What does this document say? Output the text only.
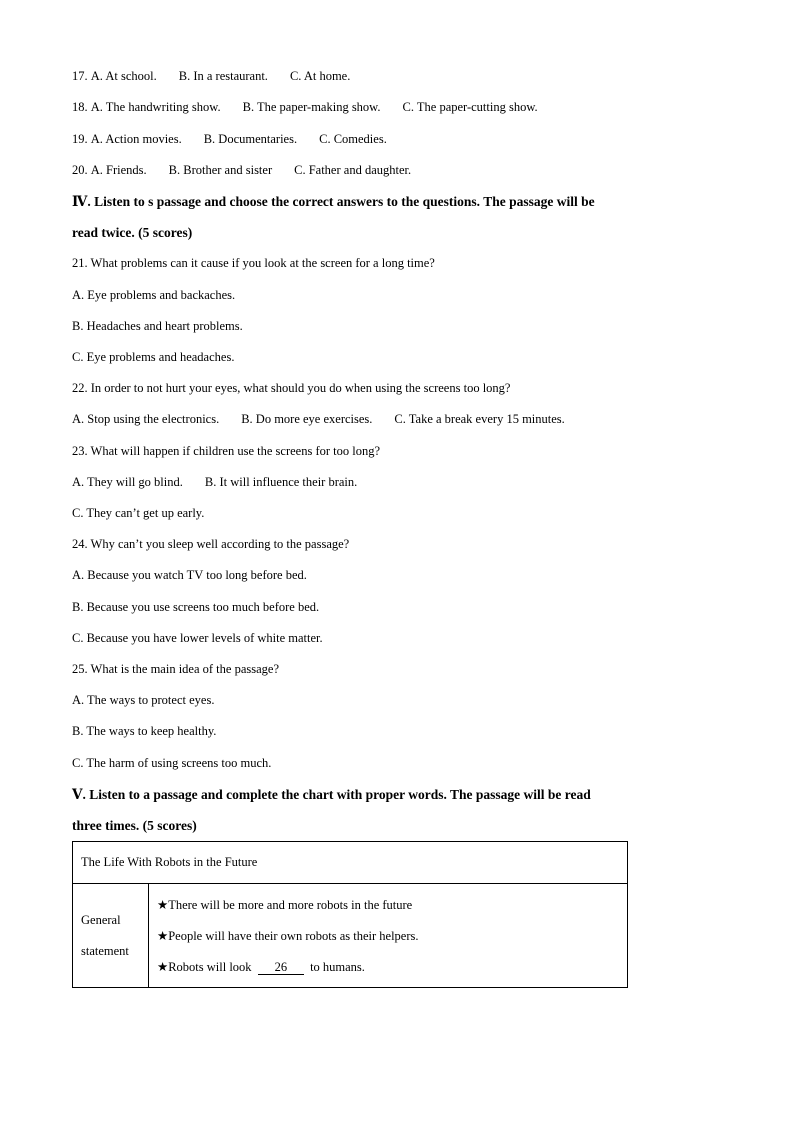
17. A. At school. B. In a restaurant. C. At home.
18. A. The handwriting show. B. The paper-making show. C. The paper-cutting show.
19. A. Action movies. B. Documentaries. C. Comedies.
20. A. Friends. B. Brother and sister C. Father and daughter.
Ⅳ. Listen to s passage and choose the correct answers to the questions. The passage will be
read twice. (5 scores)
21. What problems can it cause if you look at the screen for a long time?
A. Eye problems and backaches.
B. Headaches and heart problems.
C. Eye problems and headaches.
22. In order to not hurt your eyes, what should you do when using the screens too long?
A. Stop using the electronics. B. Do more eye exercises. C. Take a break every 15 minutes.
23. What will happen if children use the screens for too long?
A. They will go blind. B. It will influence their brain.
C. They can’t get up early.
24. Why can’t you sleep well according to the passage?
A. Because you watch TV too long before bed.
B. Because you use screens too much before bed.
C. Because you have lower levels of white matter.
25. What is the main idea of the passage?
A. The ways to protect eyes.
B. The ways to keep healthy.
C. The harm of using screens too much.
Ⅴ. Listen to a passage and complete the chart with proper words. The passage will be read
three times. (5 scores)
The Life With Robots in the Future

General
statement

★There will be more and more robots in the future
★People will have their own robots as their helpers.
★Robots will look 26 to humans.
